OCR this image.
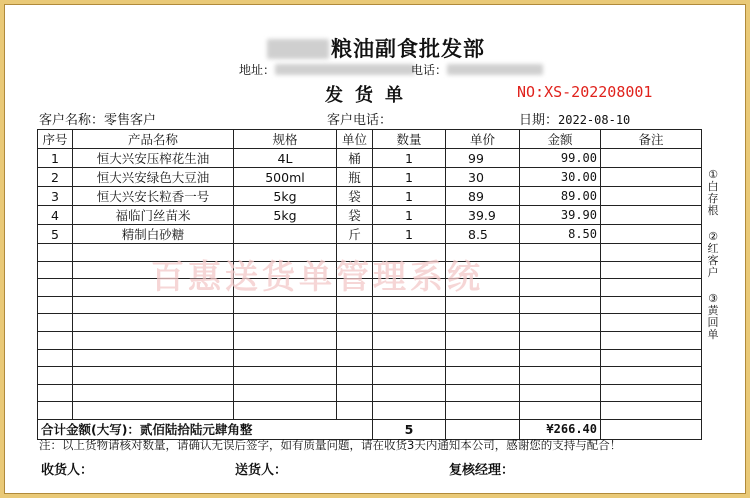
粮油副食批发部
地址：	电话：
发货单	NO:XS-202208001
客户名称：零售客户	客户电话：	日期：2022-08-10
序号	产品名称	规格	单位	数量	单价	金额	备注
1	恒大兴安压榨花生油	4L	桶	1	99	99.00	
2	恒大兴安绿色大豆油	500ml	瓶	1	30	30.00	
3	恒大兴安长粒香一号	5kg	袋	1	89	89.00	
4	福临门丝苗米	5kg	袋	1	39.9	39.90	
5	精制白砂糖		斤	1	8.5	8.50	

合计金额(大写)：贰佰陆拾陆元肆角整				5		¥266.40	
百惠送货单管理系统
①
白
存
根
②
红
客
户
③
黄
回
单
注：以上货物请核对数量，请确认无误后签字，如有质量问题，请在收货3天内通知本公司，感谢您的支持与配合！
收货人：	送货人：	复核经理：
